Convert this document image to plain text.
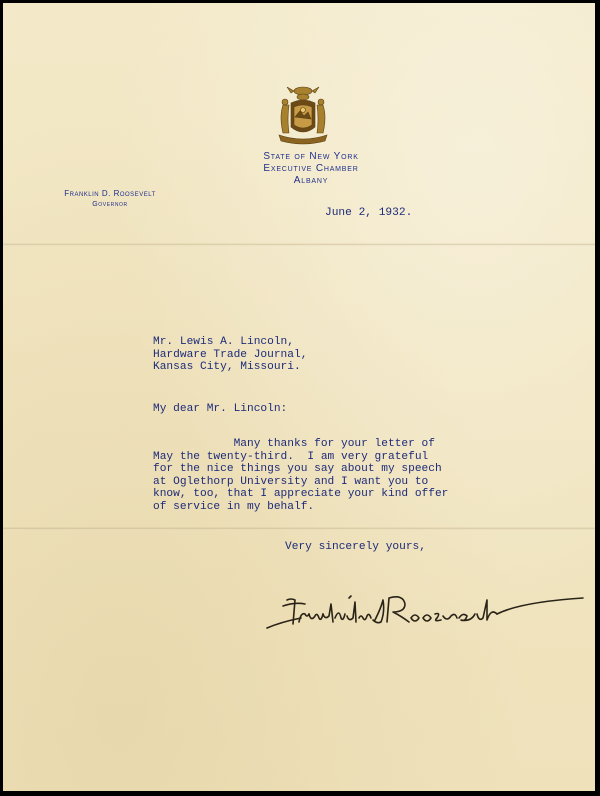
State of New York
Executive Chamber
Albany
Franklin D. Roosevelt
Governor
June 2, 1932.
Mr. Lewis A. Lincoln,
Hardware Trade Journal,
Kansas City, Missouri.
My dear Mr. Lincoln:
Many thanks for your letter of
May the twenty-third.  I am very grateful
for the nice things you say about my speech
at Oglethorp University and I want you to
know, too, that I appreciate your kind offer
of service in my behalf.
Very sincerely yours,
